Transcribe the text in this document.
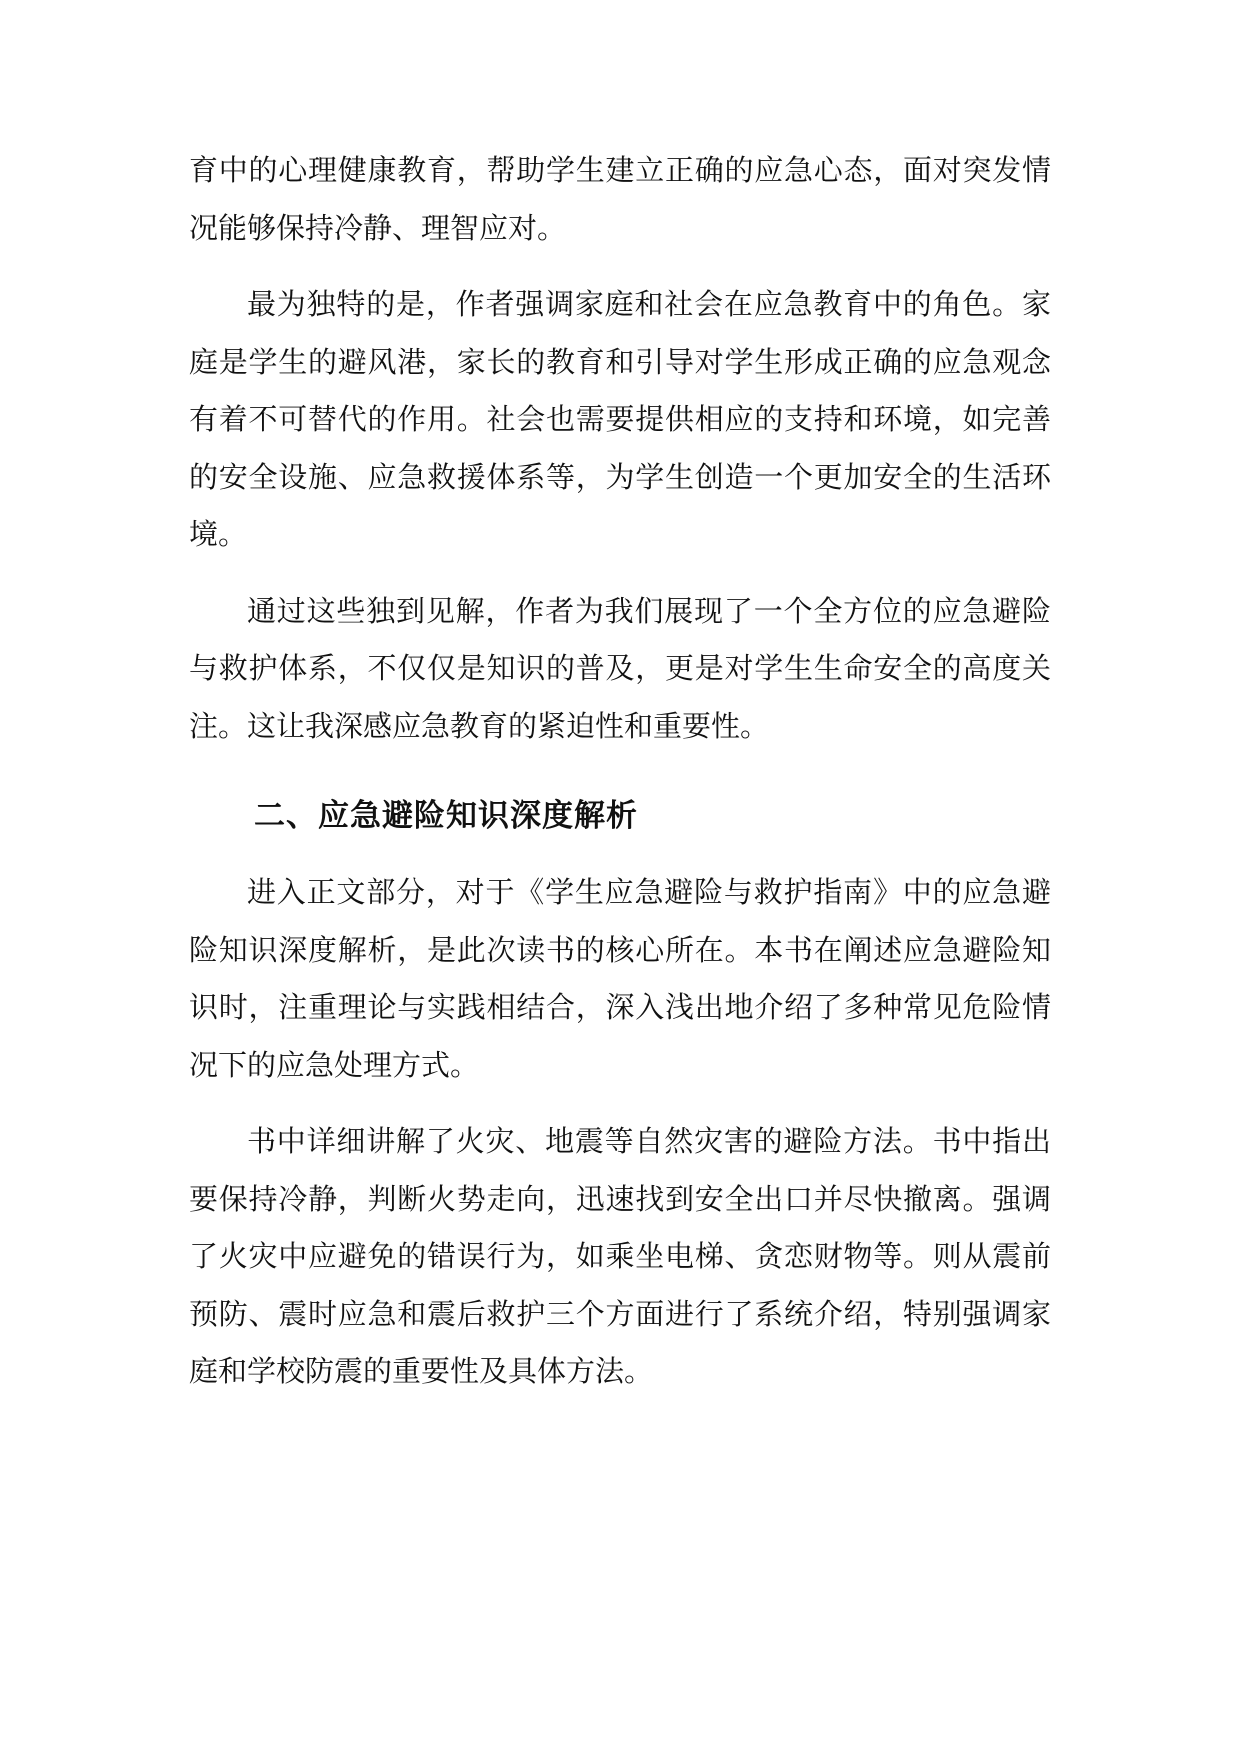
育中的心理健康教育，帮助学生建立正确的应急心态，面对突发情况能够保持冷静、理智应对。

最为独特的是，作者强调家庭和社会在应急教育中的角色。家庭是学生的避风港，家长的教育和引导对学生形成正确的应急观念有着不可替代的作用。社会也需要提供相应的支持和环境，如完善的安全设施、应急救援体系等，为学生创造一个更加安全的生活环境。

通过这些独到见解，作者为我们展现了一个全方位的应急避险与救护体系，不仅仅是知识的普及，更是对学生生命安全的高度关注。这让我深感应急教育的紧迫性和重要性。

二、应急避险知识深度解析

进入正文部分，对于《学生应急避险与救护指南》中的应急避险知识深度解析，是此次读书的核心所在。本书在阐述应急避险知识时，注重理论与实践相结合，深入浅出地介绍了多种常见危险情况下的应急处理方式。

书中详细讲解了火灾、地震等自然灾害的避险方法。书中指出要保持冷静，判断火势走向，迅速找到安全出口并尽快撤离。强调了火灾中应避免的错误行为，如乘坐电梯、贪恋财物等。则从震前预防、震时应急和震后救护三个方面进行了系统介绍，特别强调家庭和学校防震的重要性及具体方法。
